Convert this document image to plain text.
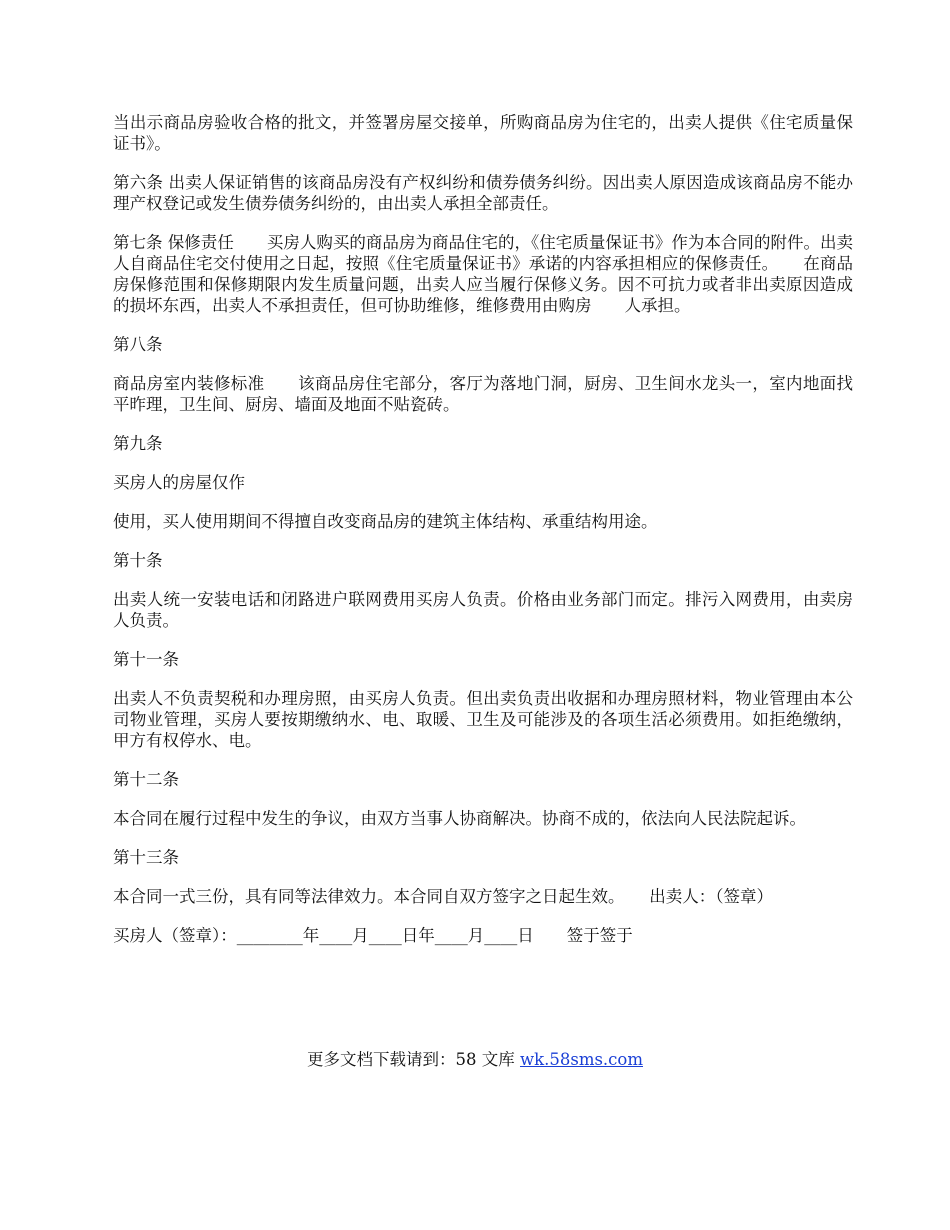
当出示商品房验收合格的批文，并签署房屋交接单，所购商品房为住宅的，出卖人提供《住宅质量保证书》。

第六条 出卖人保证销售的该商品房没有产权纠纷和债券债务纠纷。因出卖人原因造成该商品房不能办理产权登记或发生债券债务纠纷的，由出卖人承担全部责任。

第七条 保修责任　　买房人购买的商品房为商品住宅的，《住宅质量保证书》作为本合同的附件。出卖人自商品住宅交付使用之日起，按照《住宅质量保证书》承诺的内容承担相应的保修责任。　　在商品房保修范围和保修期限内发生质量问题，出卖人应当履行保修义务。因不可抗力或者非出卖原因造成的损坏东西，出卖人不承担责任，但可协助维修，维修费用由购房　　人承担。

第八条

商品房室内装修标准　　该商品房住宅部分，客厅为落地门洞，厨房、卫生间水龙头一，室内地面找平昨理，卫生间、厨房、墙面及地面不贴瓷砖。

第九条

买房人的房屋仅作

使用，买人使用期间不得擅自改变商品房的建筑主体结构、承重结构用途。

第十条

出卖人统一安装电话和闭路进户联网费用买房人负责。价格由业务部门而定。排污入网费用，由卖房人负责。

第十一条

出卖人不负责契税和办理房照，由买房人负责。但出卖负责出收据和办理房照材料，物业管理由本公司物业管理，买房人要按期缴纳水、电、取暖、卫生及可能涉及的各项生活必须费用。如拒绝缴纳，甲方有权停水、电。

第十二条

本合同在履行过程中发生的争议，由双方当事人协商解决。协商不成的，依法向人民法院起诉。

第十三条

本合同一式三份，具有同等法律效力。本合同自双方签字之日起生效。　　出卖人：（签章）

买房人（签章）：________年____月____日年____月____日　　签于签于

更多文档下载请到：58 文库 wk.58sms.com
